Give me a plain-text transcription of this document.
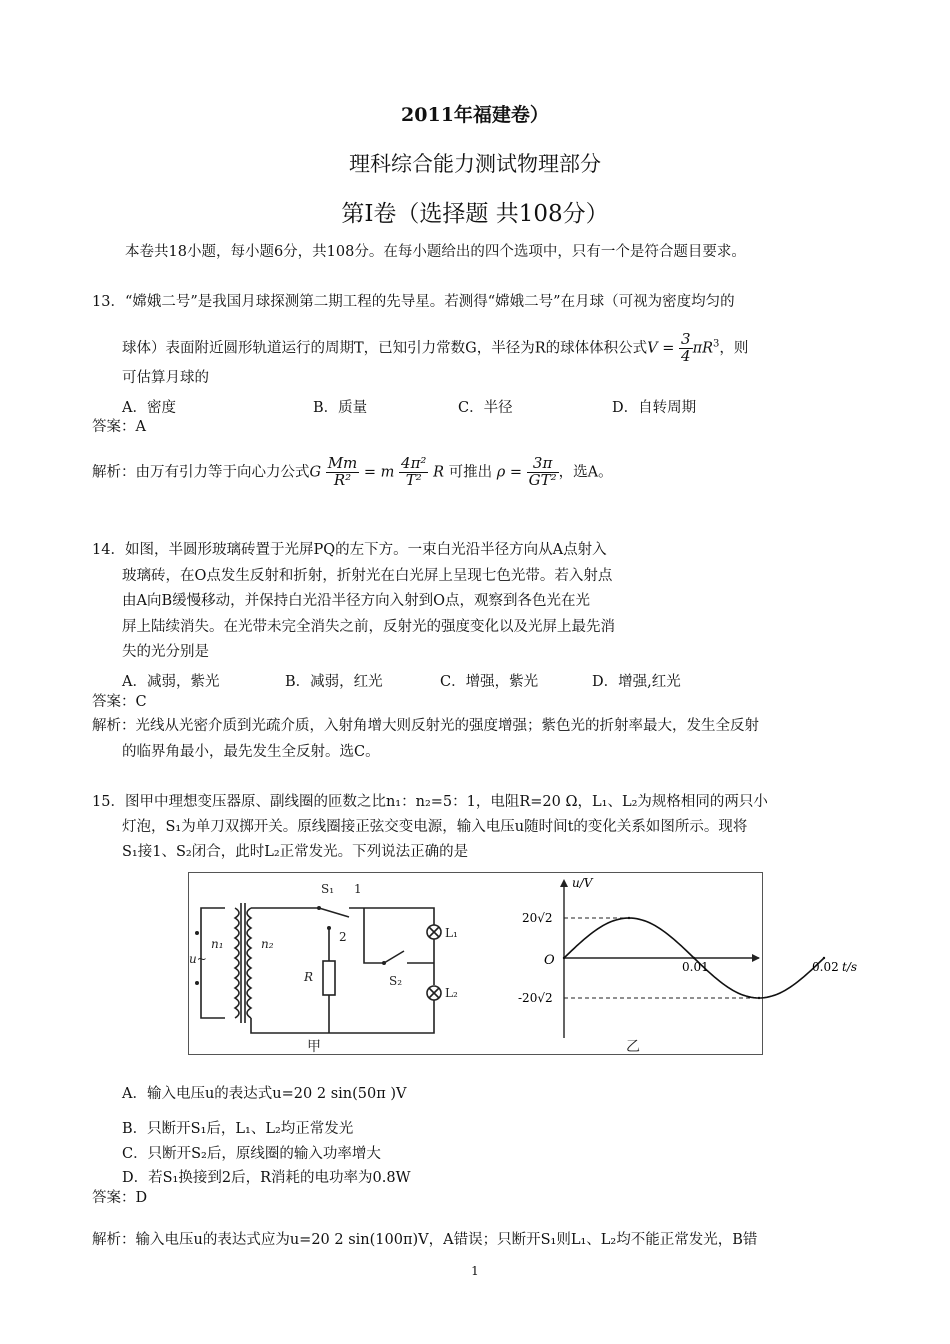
2011年福建卷）
理科综合能力测试物理部分
第Ⅰ卷（选择题 共108分）
本卷共18小题，每小题6分，共108分。在每小题给出的四个选项中，只有一个是符合题目要求。
13．“嫦娥二号”是我国月球探测第二期工程的先导星。若测得“嫦娥二号”在月球（可视为密度均匀的
球体）表面附近圆形轨道运行的周期T，已知引力常数G，半径为R的球体体积公式$V = \frac{3}{4} \pi R^3$，则
可估算月球的
A．密度	B．质量	C．半径	D．自转周期
答案：A
解析：由万有引力等于向心力公式G $\frac{Mm}{\text{R²}} = m \frac{\text{4π²}}{\text{T²}}$ R 可推出 $\rho = \frac{3\pi}{\text{GT²}}$ ，选A。
14．如图，半圆形玻璃砖置于光屏PQ的左下方。一束白光沿半径方向从A点射入
玻璃砖，在O点发生反射和折射，折射光在白光屏上呈现七色光带。若入射点
由A向B缓慢移动，并保持白光沿半径方向入射到O点，观察到各色光在光
屏上陆续消失。在光带未完全消失之前，反射光的强度变化以及光屏上最先消
失的光分别是
A．减弱，紫光	B．减弱，红光	C．增强，紫光	D．增强,红光
答案：C
解析：光线从光密介质到光疏介质，入射角增大则反射光的强度增强；紫色光的折射率最大，发生全反射
的临界角最小，最先发生全反射。选C。
15．图甲中理想变压器原、副线圈的匝数之比n₁：n₂=5：1，电阻R=20 Ω，L₁、L₂为规格相同的两只小
灯泡，S₁为单刀双掷开关。原线圈接正弦交变电源，输入电压u随时间t的变化关系如图所示。现将
S₁接1、S₂闭合，此时L₂正常发光。下列说法正确的是
S₁ 1
2
n₁	n₂
u~
R	S₂
L₁
L₂
甲	乙
u/V
20√2
-20√2
O	0.01	0.02 t/s
A．输入电压u的表达式u=20 2 sin(50π )V
B．只断开S₁后，L₁、L₂均正常发光
C．只断开S₂后，原线圈的输入功率增大
D．若S₁换接到2后，R消耗的电功率为0.8W
答案：D
解析：输入电压u的表达式应为u=20 2 sin(100π)V，A错误；只断开S₁则L₁、L₂均不能正常发光，B错
1
